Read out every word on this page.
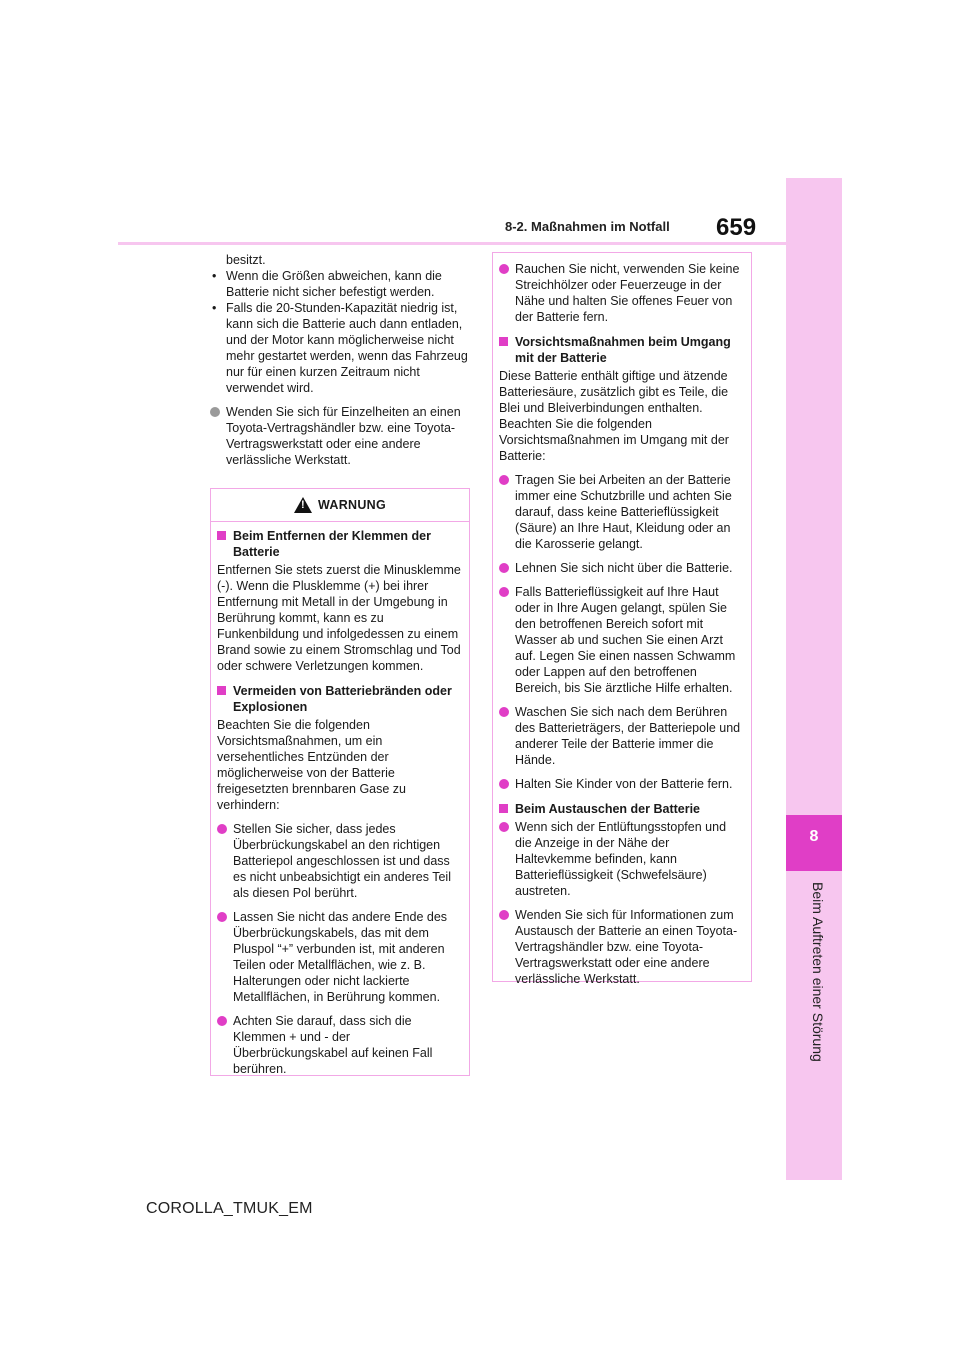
8
Beim Auftreten einer Störung
8-2. Maßnahmen im Notfall 659

besitzt.

• Wenn die Größen abweichen, kann die Batterie nicht sicher befestigt werden.

• Falls die 20-Stunden-Kapazität niedrig ist, kann sich die Batterie auch dann entladen, und der Motor kann möglicherweise nicht mehr gestartet werden, wenn das Fahrzeug nur für einen kurzen Zeitraum nicht verwendet wird.

Wenden Sie sich für Einzelheiten an einen Toyota-Vertragshändler bzw. eine Toyota-Vertragswerkstatt oder eine andere verlässliche Werkstatt.

!
WARNUNG

Beim Entfernen der Klemmen der Batterie

Entfernen Sie stets zuerst die Minusklemme (-). Wenn die Plusklemme (+) bei ihrer Entfernung mit Metall in der Umgebung in Berührung kommt, kann es zu Funkenbildung und infolgedessen zu einem Brand sowie zu einem Stromschlag und Tod oder schwere Verletzungen kommen.

Vermeiden von Batteriebränden oder Explosionen

Beachten Sie die folgenden Vorsichtsmaßnahmen, um ein versehentliches Entzünden der möglicherweise von der Batterie freigesetzten brennbaren Gase zu verhindern:

Stellen Sie sicher, dass jedes Überbrückungskabel an den richtigen Batteriepol angeschlossen ist und dass es nicht unbeabsichtigt ein anderes Teil als diesen Pol berührt.

Lassen Sie nicht das andere Ende des Überbrückungskabels, das mit dem Pluspol “+” verbunden ist, mit anderen Teilen oder Metallflächen, wie z. B. Halterungen oder nicht lackierte Metallflächen, in Berührung kommen.

Achten Sie darauf, dass sich die Klemmen + und - der Überbrückungskabel auf keinen Fall berühren.

Rauchen Sie nicht, verwenden Sie keine Streichhölzer oder Feuerzeuge in der Nähe und halten Sie offenes Feuer von der Batterie fern.

Vorsichtsmaßnahmen beim Umgang mit der Batterie

Diese Batterie enthält giftige und ätzende Batteriesäure, zusätzlich gibt es Teile, die Blei und Bleiverbindungen enthalten. Beachten Sie die folgenden Vorsichtsmaßnahmen im Umgang mit der Batterie:

Tragen Sie bei Arbeiten an der Batterie immer eine Schutzbrille und achten Sie darauf, dass keine Batterieflüssigkeit (Säure) an Ihre Haut, Kleidung oder an die Karosserie gelangt.

Lehnen Sie sich nicht über die Batterie.

Falls Batterieflüssigkeit auf Ihre Haut oder in Ihre Augen gelangt, spülen Sie den betroffenen Bereich sofort mit Wasser ab und suchen Sie einen Arzt auf. Legen Sie einen nassen Schwamm oder Lappen auf den betroffenen Bereich, bis Sie ärztliche Hilfe erhalten.

Waschen Sie sich nach dem Berühren des Batterieträgers, der Batteriepole und anderer Teile der Batterie immer die Hände.

Halten Sie Kinder von der Batterie fern.

Beim Austauschen der Batterie

Wenn sich der Entlüftungsstopfen und die Anzeige in der Nähe der Haltevkemme befinden, kann Batterieflüssigkeit (Schwefelsäure) austreten.

Wenden Sie sich für Informationen zum Austausch der Batterie an einen Toyota-Vertragshändler bzw. eine Toyota-Vertragswerkstatt oder eine andere verlässliche Werkstatt.

COROLLA_TMUK_EM
